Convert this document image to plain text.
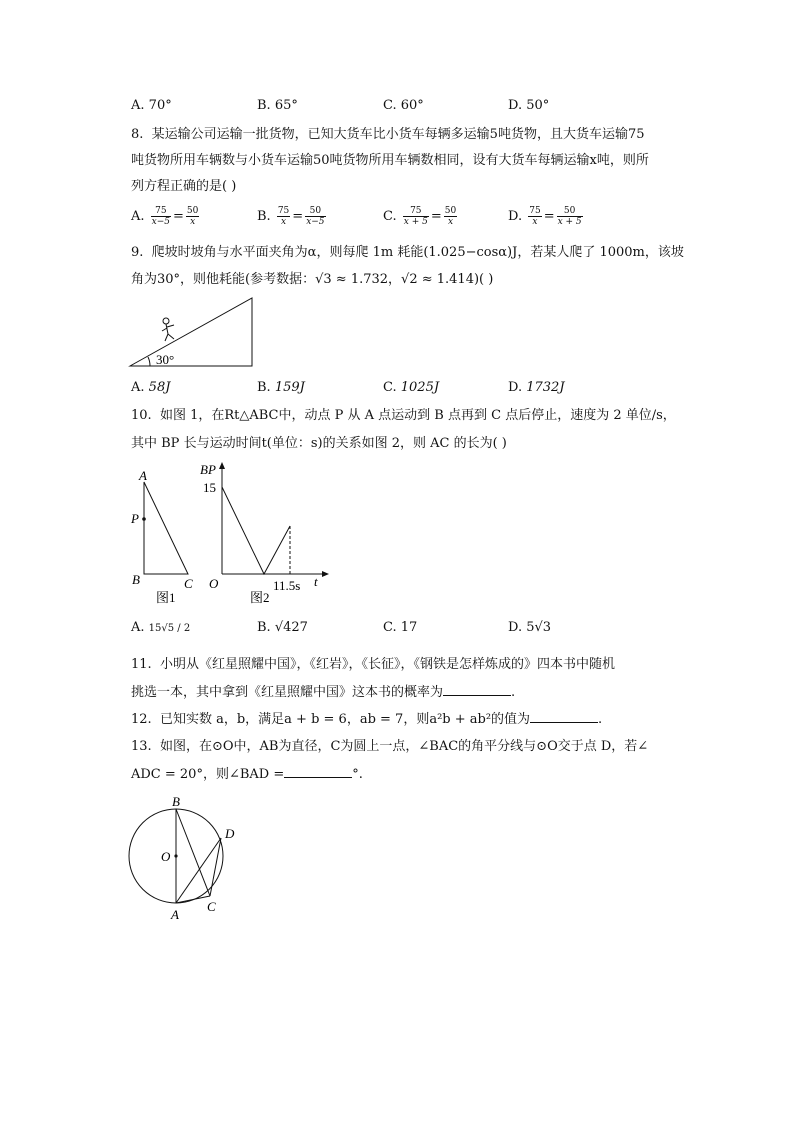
A. 70°	B. 65°	C. 60°	D. 50°
8. 某运输公司运输一批货物，已知大货车比小货车每辆多运输5吨货物，且大货车运输75
吨货物所用车辆数与小货车运输50吨货物所用车辆数相同，设有大货车每辆运输x吨，则所
列方程正确的是( )
A. $\frac{75}{x-5} = \frac{50}{x}$	B. $\frac{75}{x} = \frac{50}{x-5}$	C. $\frac{75}{x + 5} = \frac{50}{x}$	D. $\frac{75}{x} = \frac{50}{x + 5}$
9. 爬坡时坡角与水平面夹角为α，则每爬 1m 耗能(1.025−cosα)J，若某人爬了 1000m，该坡
角为30°，则他耗能(参考数据：√3 ≈ 1.732，√2 ≈ 1.414)( )
30°
A. 58J	B. 159J	C. 1025J	D. 1732J
10. 如图 1，在Rt△ABC中，动点 P 从 A 点运动到 B 点再到 C 点后停止，速度为 2 单位/s，
其中 BP 长与运动时间t(单位：s)的关系如图 2，则 AC 的长为( )
A
P
B	C
图1
BP
15
O	t
11.5s
图2
A. 15√5 / 2	B. √427	C. 17	D. 5√3
11. 小明从《红星照耀中国》，《红岩》，《长征》，《钢铁是怎样炼成的》四本书中随机
挑选一本，其中拿到《红星照耀中国》这本书的概率为	.
12. 已知实数 a，b，满足a + b = 6，ab = 7，则a²b + ab²的值为	.
13. 如图，在⊙O中，AB为直径，C为圆上一点，∠BAC的角平分线与⊙O交于点 D，若∠
ADC = 20°，则∠BAD =	°.
B
O
D
A
C
